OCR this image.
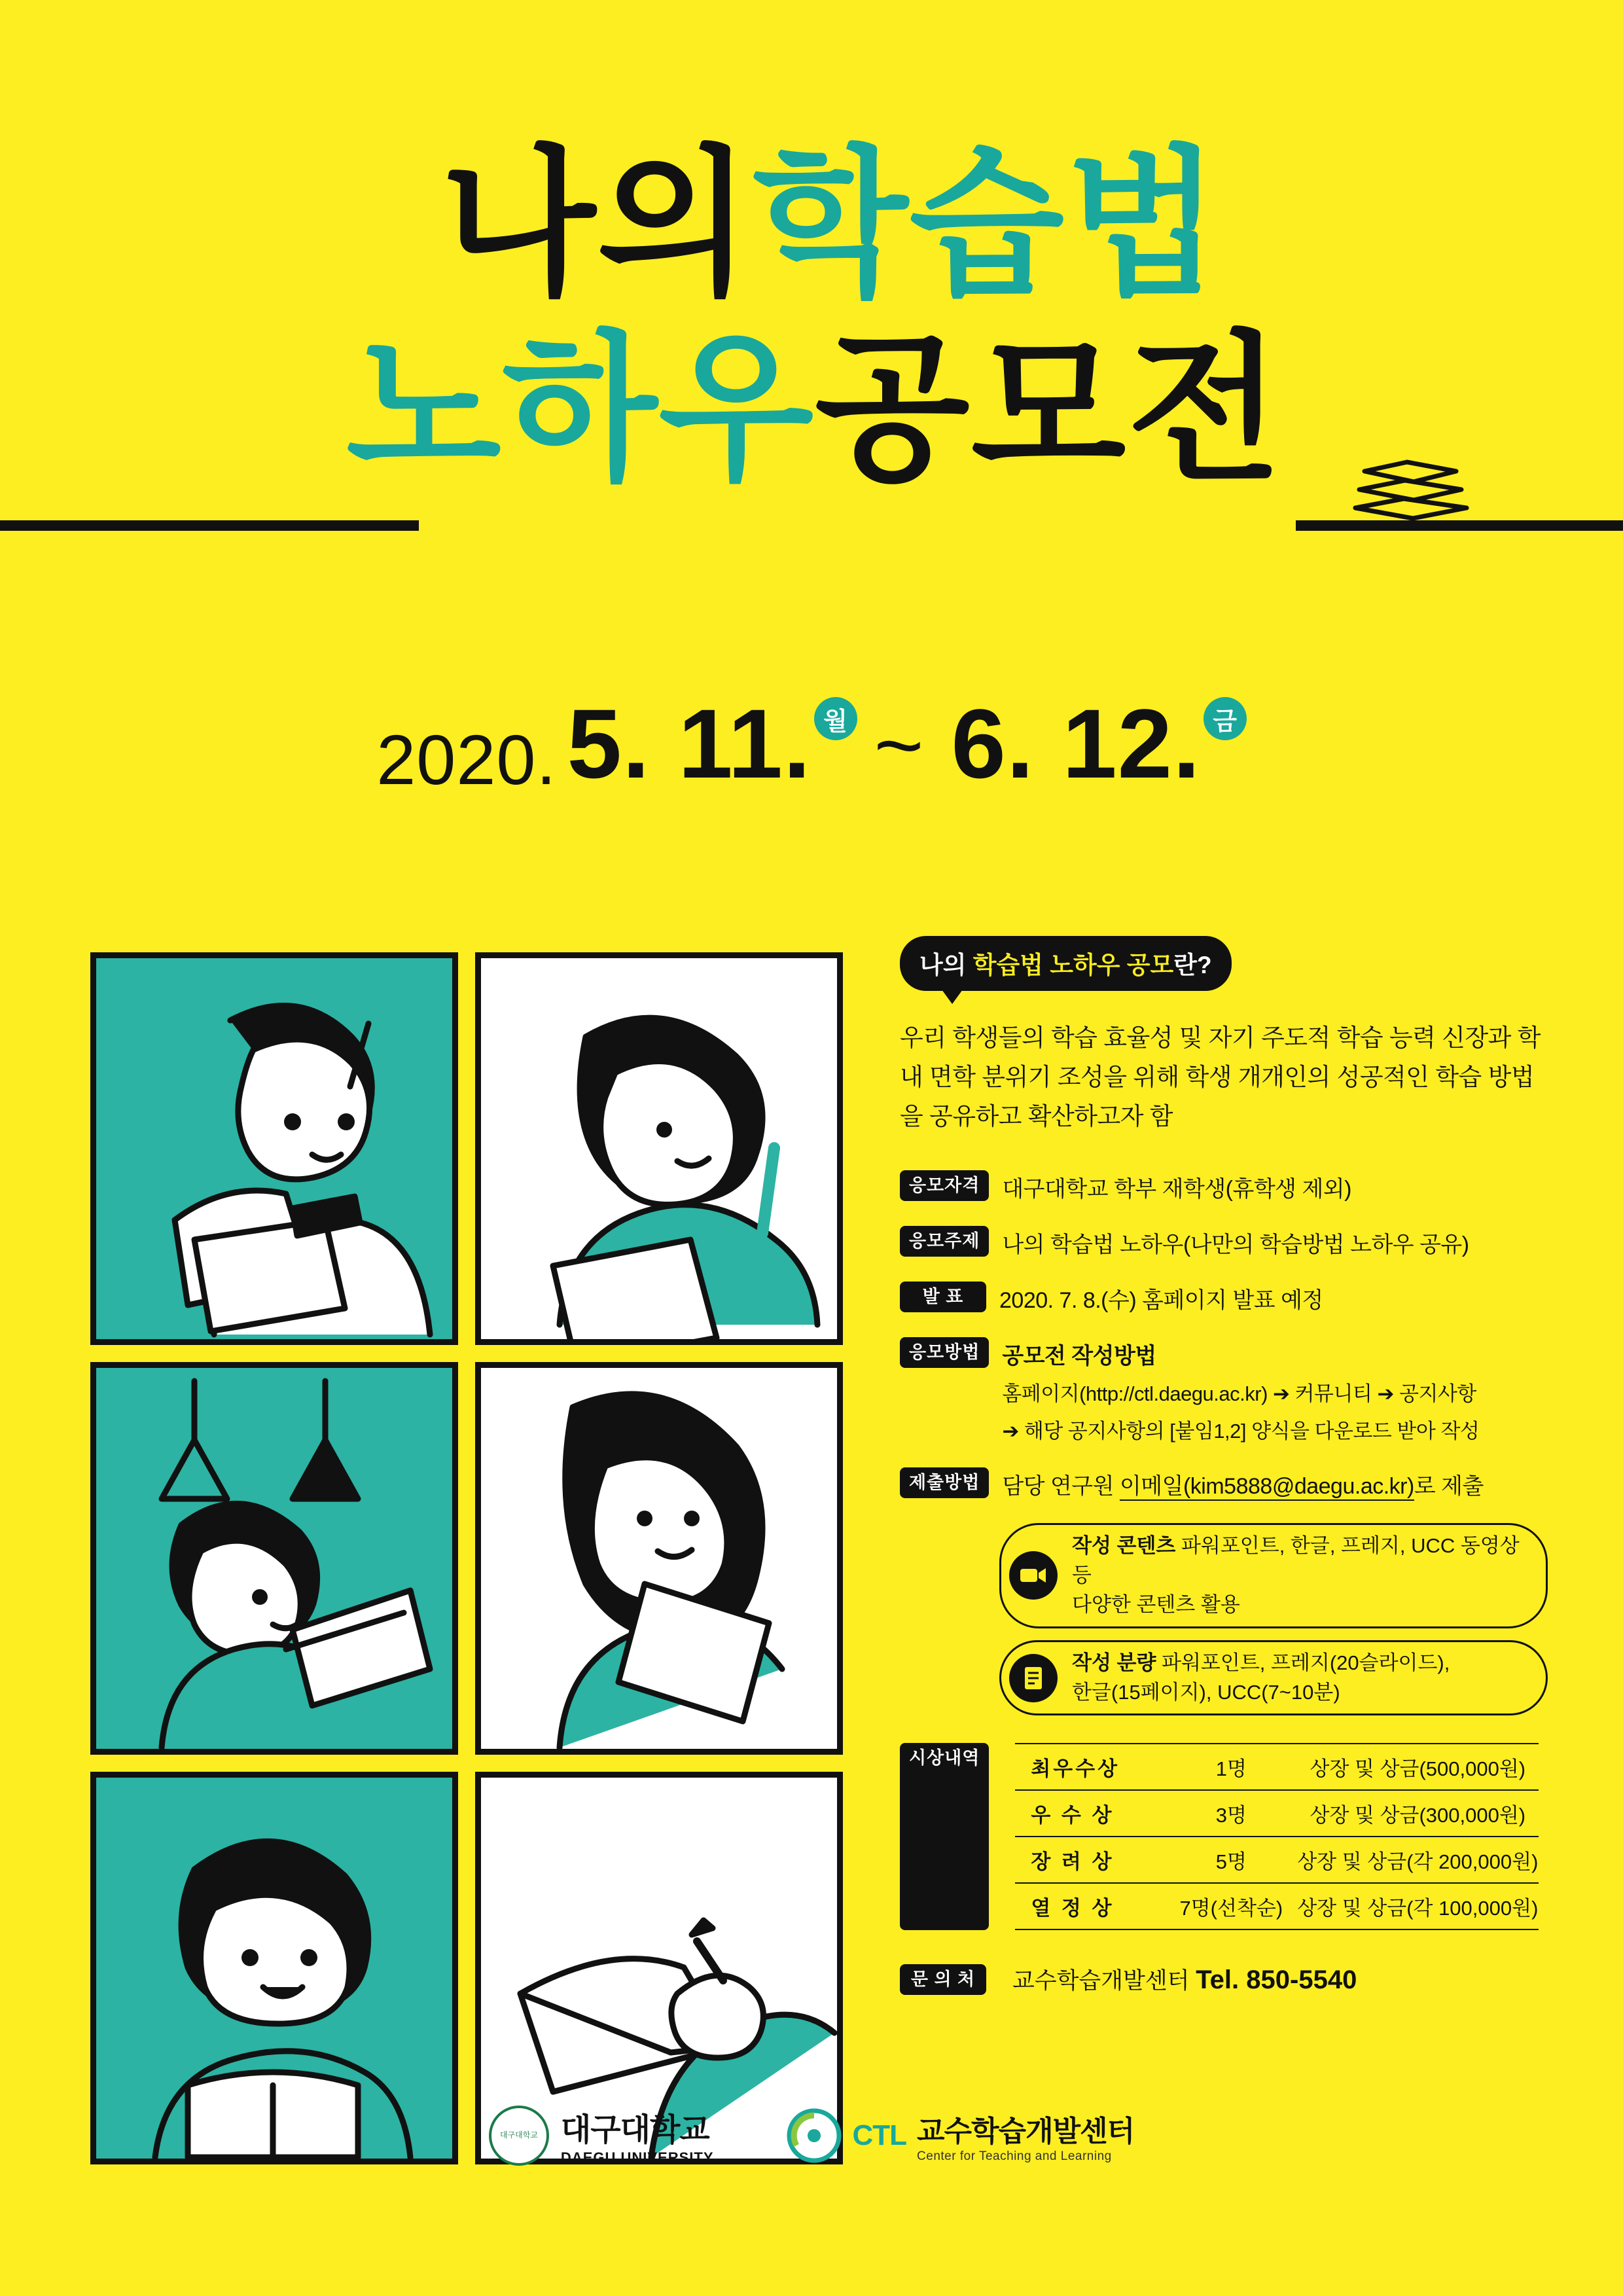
나의 학습법
노하우 공모전
2020. 5. 11. 월 ~ 6. 12. 금
나의 학습법 노하우 공모란?
우리 학생들의 학습 효율성 및 자기 주도적 학습 능력 신장과 학내 면학 분위기 조성을 위해 학생 개개인의 성공적인 학습 방법을 공유하고 확산하고자 함
응모자격	대구대학교 학부 재학생(휴학생 제외)
응모주제	나의 학습법 노하우(나만의 학습방법 노하우 공유)
발 표	2020. 7. 8.(수) 홈페이지 발표 예정
응모방법	공모전 작성방법
홈페이지(http://ctl.daegu.ac.kr) ➔ 커뮤니티 ➔ 공지사항
➔ 해당 공지사항의 [붙임1,2] 양식을 다운로드 받아 작성
제출방법	담당 연구원 이메일(kim5888@daegu.ac.kr)로 제출
작성 콘텐츠 파워포인트, 한글, 프레지, UCC 동영상 등
다양한 콘텐츠 활용
작성 분량 파워포인트, 프레지(20슬라이드),
한글(15페이지), UCC(7~10분)
시상내역	최우수상	1명	상장 및 상금(500,000원)
우 수 상	3명	상장 및 상금(300,000원)
장 려 상	5명	상장 및 상금(각 200,000원)
열 정 상	7명(선착순) 상장 및 상금(각 100,000원)
문 의 처	교수학습개발센터 Tel. 850-5540
대구대학교 대구대학교
DAEGU UNIVERSITY
CTL 교수학습개발센터
Center for Teaching and Learning
